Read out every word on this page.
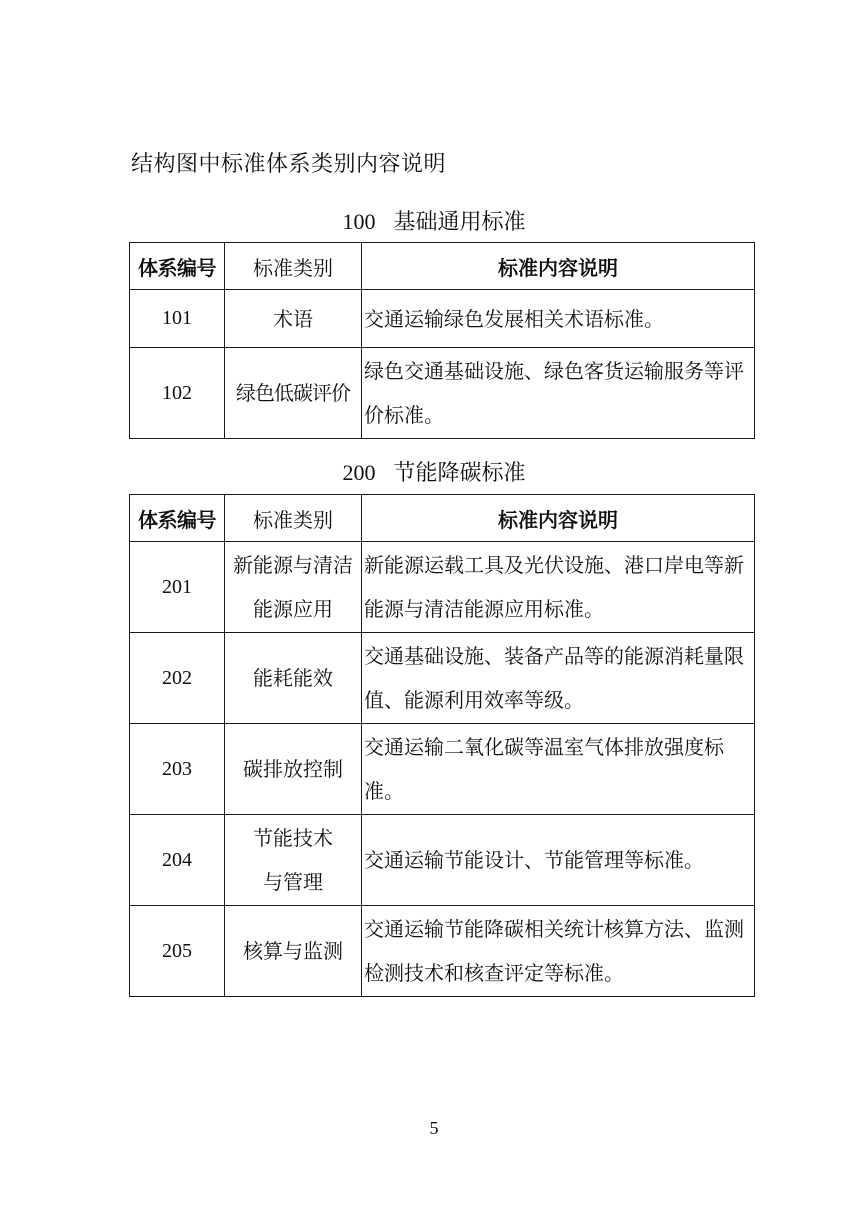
结构图中标准体系类别内容说明
100 基础通用标准
体系编号	标准类别	标准内容说明
101	术语	交通运输绿色发展相关术语标准。
102	绿色低碳评价	绿色交通基础设施、绿色客货运输服务等评价标准。
200 节能降碳标准
体系编号	标准类别	标准内容说明
201	新能源与清洁能源应用	新能源运载工具及光伏设施、港口岸电等新能源与清洁能源应用标准。
202	能耗能效	交通基础设施、装备产品等的能源消耗量限值、能源利用效率等级。
203	碳排放控制	交通运输二氧化碳等温室气体排放强度标准。
204	节能技术与管理	交通运输节能设计、节能管理等标准。
205	核算与监测	交通运输节能降碳相关统计核算方法、监测检测技术和核查评定等标准。
5
